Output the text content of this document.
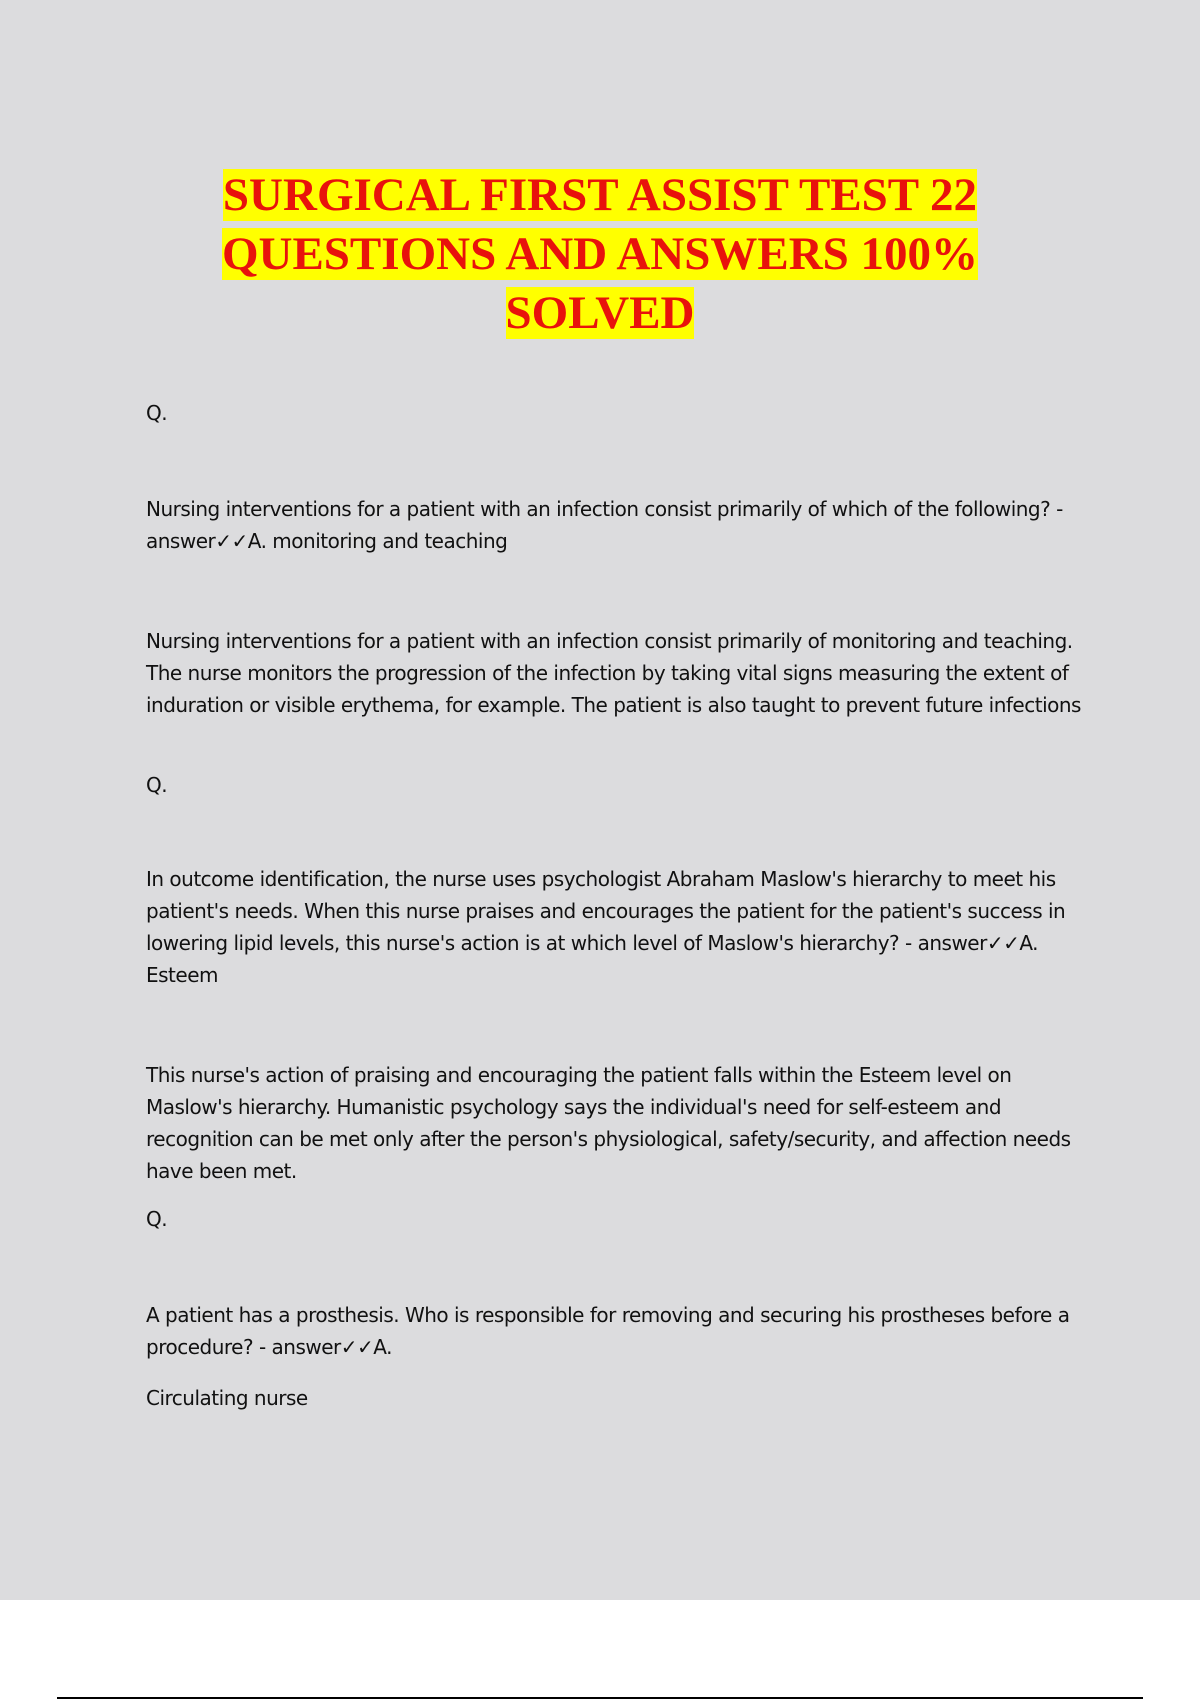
SURGICAL FIRST ASSIST TEST 22
QUESTIONS AND ANSWERS 100%
SOLVED

Q.

Nursing interventions for a patient with an infection consist primarily of which of the following? - answer✓✓A. monitoring and teaching

Nursing interventions for a patient with an infection consist primarily of monitoring and teaching. The nurse monitors the progression of the infection by taking vital signs measuring the extent of induration or visible erythema, for example. The patient is also taught to prevent future infections

Q.

In outcome identification, the nurse uses psychologist Abraham Maslow's hierarchy to meet his patient's needs. When this nurse praises and encourages the patient for the patient's success in lowering lipid levels, this nurse's action is at which level of Maslow's hierarchy? - answer✓✓A. Esteem

This nurse's action of praising and encouraging the patient falls within the Esteem level on Maslow's hierarchy. Humanistic psychology says the individual's need for self-esteem and recognition can be met only after the person's physiological, safety/security, and affection needs have been met.

Q.

A patient has a prosthesis. Who is responsible for removing and securing his prostheses before a procedure? - answer✓✓A.

Circulating nurse
